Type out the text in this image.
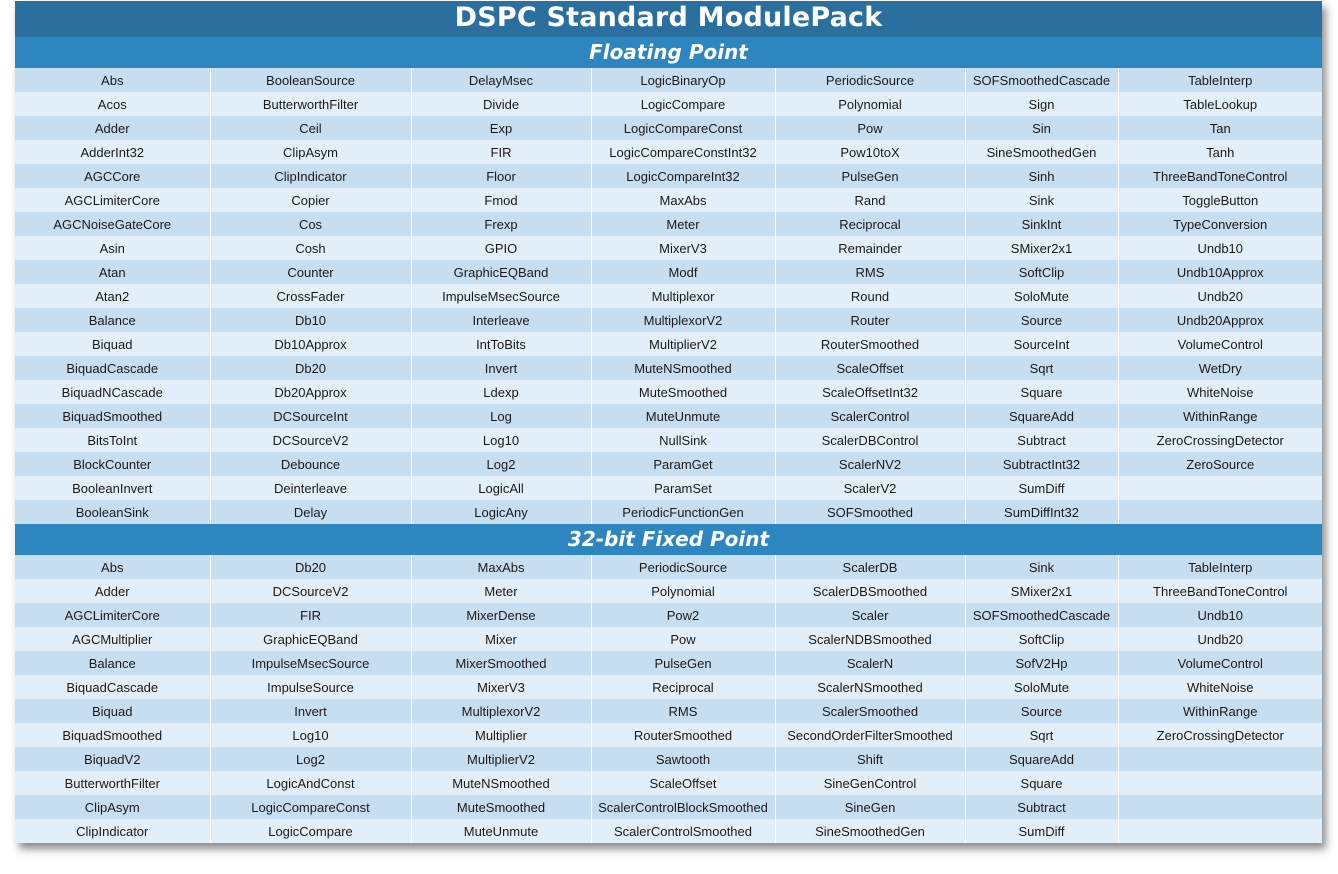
DSPC Standard ModulePack
Floating Point
Abs	BooleanSource	DelayMsec	LogicBinaryOp	PeriodicSource	SOFSmoothedCascade	TableInterp
Acos	ButterworthFilter	Divide	LogicCompare	Polynomial	Sign	TableLookup
Adder	Ceil	Exp	LogicCompareConst	Pow	Sin	Tan
AdderInt32	ClipAsym	FIR	LogicCompareConstInt32	Pow10toX	SineSmoothedGen	Tanh
AGCCore	ClipIndicator	Floor	LogicCompareInt32	PulseGen	Sinh	ThreeBandToneControl
AGCLimiterCore	Copier	Fmod	MaxAbs	Rand	Sink	ToggleButton
AGCNoiseGateCore	Cos	Frexp	Meter	Reciprocal	SinkInt	TypeConversion
Asin	Cosh	GPIO	MixerV3	Remainder	SMixer2x1	Undb10
Atan	Counter	GraphicEQBand	Modf	RMS	SoftClip	Undb10Approx
Atan2	CrossFader	ImpulseMsecSource	Multiplexor	Round	SoloMute	Undb20
Balance	Db10	Interleave	MultiplexorV2	Router	Source	Undb20Approx
Biquad	Db10Approx	IntToBits	MultiplierV2	RouterSmoothed	SourceInt	VolumeControl
BiquadCascade	Db20	Invert	MuteNSmoothed	ScaleOffset	Sqrt	WetDry
BiquadNCascade	Db20Approx	Ldexp	MuteSmoothed	ScaleOffsetInt32	Square	WhiteNoise
BiquadSmoothed	DCSourceInt	Log	MuteUnmute	ScalerControl	SquareAdd	WithinRange
BitsToInt	DCSourceV2	Log10	NullSink	ScalerDBControl	Subtract	ZeroCrossingDetector
BlockCounter	Debounce	Log2	ParamGet	ScalerNV2	SubtractInt32	ZeroSource
BooleanInvert	Deinterleave	LogicAll	ParamSet	ScalerV2	SumDiff	
BooleanSink	Delay	LogicAny	PeriodicFunctionGen	SOFSmoothed	SumDiffInt32	
32-bit Fixed Point
Abs	Db20	MaxAbs	PeriodicSource	ScalerDB	Sink	TableInterp
Adder	DCSourceV2	Meter	Polynomial	ScalerDBSmoothed	SMixer2x1	ThreeBandToneControl
AGCLimiterCore	FIR	MixerDense	Pow2	Scaler	SOFSmoothedCascade	Undb10
AGCMultiplier	GraphicEQBand	Mixer	Pow	ScalerNDBSmoothed	SoftClip	Undb20
Balance	ImpulseMsecSource	MixerSmoothed	PulseGen	ScalerN	SofV2Hp	VolumeControl
BiquadCascade	ImpulseSource	MixerV3	Reciprocal	ScalerNSmoothed	SoloMute	WhiteNoise
Biquad	Invert	MultiplexorV2	RMS	ScalerSmoothed	Source	WithinRange
BiquadSmoothed	Log10	Multiplier	RouterSmoothed	SecondOrderFilterSmoothed	Sqrt	ZeroCrossingDetector
BiquadV2	Log2	MultiplierV2	Sawtooth	Shift	SquareAdd	
ButterworthFilter	LogicAndConst	MuteNSmoothed	ScaleOffset	SineGenControl	Square	
ClipAsym	LogicCompareConst	MuteSmoothed	ScalerControlBlockSmoothed	SineGen	Subtract	
ClipIndicator	LogicCompare	MuteUnmute	ScalerControlSmoothed	SineSmoothedGen	SumDiff	
